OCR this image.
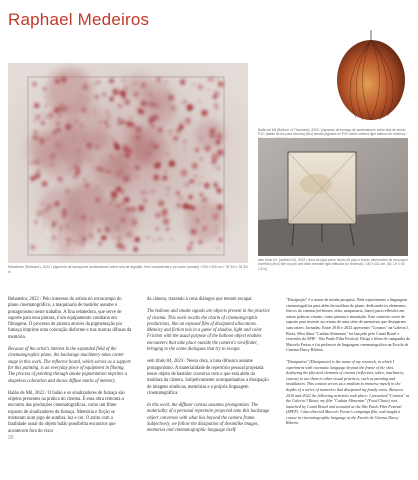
Raphael Medeiros
Rebatedor (Reflector), 2022 / pigmento de fumaça de aceleradores sobre tela de algodão, ferro ornamental e pó cobre (smoke) / 200 x 200 cm / 78 3/4 x 78 3/4 in
Balão de Mil (Balloon of Thousand), 2022 / pigmento de fumaça de aceleradores sobre tela de tecido PVC (balão de luz para cinema) (fixo) smoke pigment on PVC fabric cinema light balloon for cinema) /
sem título 04, (untitled 04), 2023 / linha de pipa sobre tecido de pipa e tecido (dimensões de seu papel invertido) (fixo) kite on pan and ditch remnant light diffusion (to reversal) / 130 x 161 cm. (51 1/4 x 63 1/2 in)

Rebatedor, 2022 / Pelo interesse do artista no extracampo do plano cinematográfico, a maquinaria de bastidor assume o protagonismo neste trabalho. A fina rebatedora, que serve de suporte para essa pintura, é um equipamento cotidiano em filmagens. O processo de pintura através da pigmentação por fumaça imprime uma coloração disforme e traz marcas difusas da memória.

Because of the artist's interest in the expanded field of the cinematographic plane, the backstage machinery takes center stage in this work. The reflector board, which serves as a support for this painting, is an everyday piece of equipment in filming. The process of painting through smoke pigmentation imprints a shapeless coloration and shows diffuse marks of memory.

Balão de Mil, 2022 / O balão e os sinalizadores de fumaça são objetos presentes na prática do cinema. É essa obra remonta a encontro das produções cinematográficas, como um filme exposto de sinalizadores de fumaça. Memória e ficção se misturam num jogo de sombra, luz e cor. O atrito com a fatalidade usual do objeto balão possibilita encontros que acontecem fora do visor

da câmera, trazendo à cena diálogos que tentam escapar.

The balloon and smoke signals are objects present in the practice of cinema. This work recalls the charm of cinematographic productions, like an exposed film of dissipated allocations. Memory and fiction mix in a game of shadow, light and color. Friction with the usual purpose of the balloon object enables encounters that take place outside the camera's viewfinder, bringing to the scene dialogues that try to escape.

sem título 04, 2023 / Nessa obra, a luna difusora assume protagonismo. A materialidade de repertório pessoal projetada nesse objeto de bastidor conversa com o que está além da moldura da câmera. Subjetivamente acompanhamos a dissipação de imagens sinéticas, memórias e a própria linguagem cinematográfica.

In this work, the diffuser canvas assumes protagonism. The materiality of a personal repertoire projected onto this backstage object converses with what lies beyond the camera frame. Subjectively, we follow the dissipation of dreamlike images, memories and cinematographic language itself.

"Dissipação" é o nome de minha pesquisa. Nela experimento a linguagem cinematográfica para além da moldura do plano, dedicando-os elementos físicos do cinema (refletores, telas, maquinaria, luzes) para reflexões em outras práticas visuais, como pintura e instalação. Este contexto serve de suporte para investir no retrato de uma série de memórias que dissiparam suas raízes. Jornadas: Entre 2016 e 2022 apresentei "Cosmos" na Galeria 3 Bicas, Meu filme "Caduta Alimentar" foi lançado pelo Canal Brasil e vencedor do SPIF - São Paulo Film Festival. Dirigi o filme de campanha de Marcelo Freixo e fui professor de linguagem cinematográfica na Escola de Cinema Darcy Ribeiro.

"Dissipation" (Dissipation) is the name of my research, in which I experiment with cinematic language beyond the frame of the shot, deploying the physical elements of cinema (reflectors, tubes, machinery, canvas) to use them in other visual practices, such as painting and installation. This context serves as a medium to immerse myself in the depths of a series of memories that dissipated my family roots. Between 2016 and 2022 the following activities took place: I presented "Cosmos" at the Galeria 3 Bicas; my film "Caduta Alimentar" (Food Chain) was launched by Canal Brasil and awarded at the São Paulo Film Festival (SPFF). I also directed Marcelo Freixo's campaign film, and taught a course in cinematographic language at the Escola de Cinema Darcy Ribeiro.

32
